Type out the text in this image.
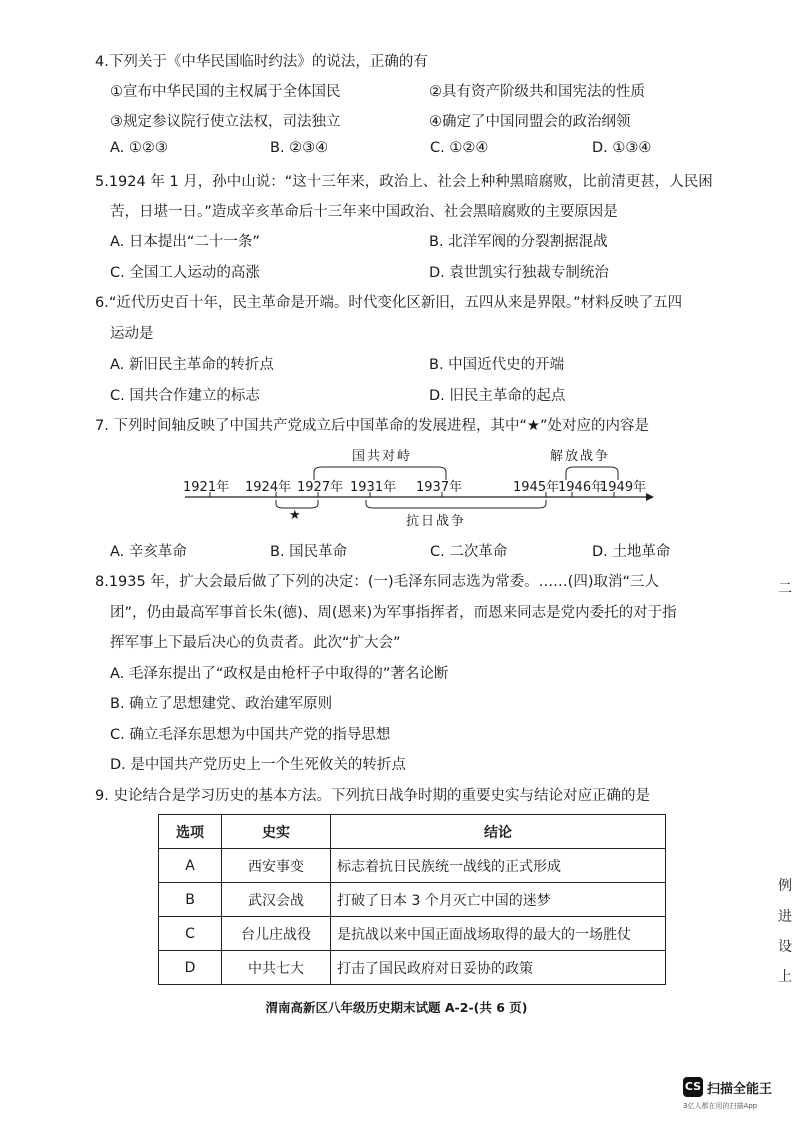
4.下列关于《中华民国临时约法》的说法，正确的有
①宣布中华民国的主权属于全体国民	②具有资产阶级共和国宪法的性质
③规定参议院行使立法权，司法独立	④确定了中国同盟会的政治纲领
A. ①②③	B. ②③④	C. ①②④	D. ①③④
5.1924 年 1 月，孙中山说：“这十三年来，政治上、社会上种种黑暗腐败，比前清更甚，人民困
苦，日堪一日。”造成辛亥革命后十三年来中国政治、社会黑暗腐败的主要原因是
A. 日本提出“二十一条”	B. 北洋军阀的分裂割据混战
C. 全国工人运动的高涨	D. 袁世凯实行独裁专制统治
6.“近代历史百十年，民主革命是开端。时代变化区新旧，五四从来是界限。”材料反映了五四
运动是
A. 新旧民主革命的转折点	B. 中国近代史的开端
C. 国共合作建立的标志	D. 旧民主革命的起点
7. 下列时间轴反映了中国共产党成立后中国革命的发展进程，其中“★”处对应的内容是
1921年 1924年 1927年 1931年 1937年	1945年
1946年
1949年
国共对峙	解放战争
★	抗日战争
A. 辛亥革命	B. 国民革命	C. 二次革命	D. 土地革命
8.1935 年，扩大会最后做了下列的决定：(一)毛泽东同志选为常委。……(四)取消“三人
团”，仍由最高军事首长朱(德)、周(恩来)为军事指挥者，而恩来同志是党内委托的对于指
挥军事上下最后决心的负责者。此次“扩大会”
A. 毛泽东提出了“政权是由枪杆子中取得的”著名论断
B. 确立了思想建党、政治建军原则
C. 确立毛泽东思想为中国共产党的指导思想
D. 是中国共产党历史上一个生死攸关的转折点
9. 史论结合是学习历史的基本方法。下列抗日战争时期的重要史实与结论对应正确的是
选项	史实	结论
A	西安事变	标志着抗日民族统一战线的正式形成
B	武汉会战	打破了日本 3 个月灭亡中国的迷梦
C	台儿庄战役	是抗战以来中国正面战场取得的最大的一场胜仗
D	中共七大	打击了国民政府对日妥协的政策
渭南高新区八年级历史期末试题 A-2-(共 6 页)
二
例
进
设
上
CS 扫描全能王
3亿人都在用的扫描App
